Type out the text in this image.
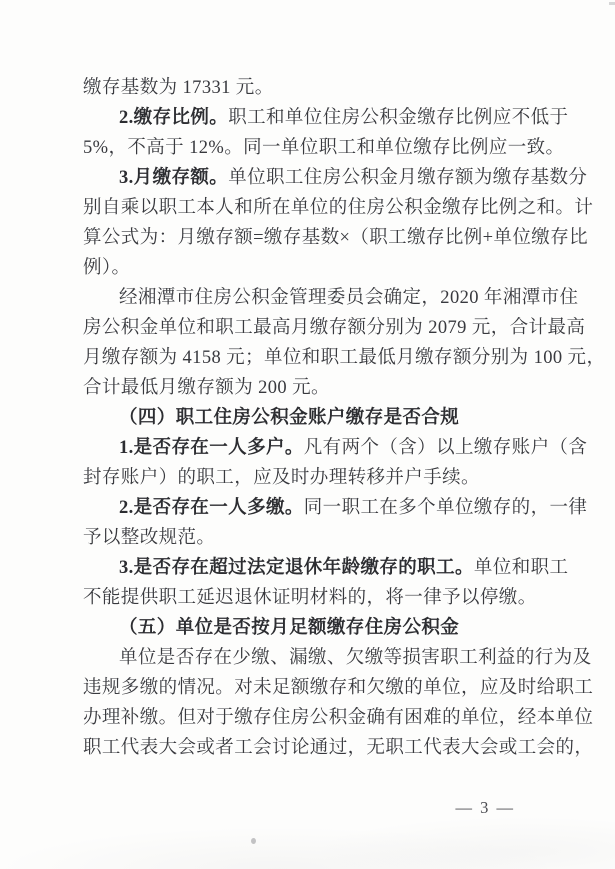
缴存基数为 17331 元。
2.缴存比例。职工和单位住房公积金缴存比例应不低于
5%，不高于 12%。同一单位职工和单位缴存比例应一致。
3.月缴存额。单位职工住房公积金月缴存额为缴存基数分
别自乘以职工本人和所在单位的住房公积金缴存比例之和。计
算公式为：月缴存额=缴存基数×（职工缴存比例+单位缴存比
例）。
经湘潭市住房公积金管理委员会确定，2020 年湘潭市住
房公积金单位和职工最高月缴存额分别为 2079 元，合计最高
月缴存额为 4158 元；单位和职工最低月缴存额分别为 100 元，
合计最低月缴存额为 200 元。
（四）职工住房公积金账户缴存是否合规
1.是否存在一人多户。凡有两个（含）以上缴存账户（含
封存账户）的职工，应及时办理转移并户手续。
2.是否存在一人多缴。同一职工在多个单位缴存的，一律
予以整改规范。
3.是否存在超过法定退休年龄缴存的职工。单位和职工
不能提供职工延迟退休证明材料的，将一律予以停缴。
（五）单位是否按月足额缴存住房公积金
单位是否存在少缴、漏缴、欠缴等损害职工利益的行为及
违规多缴的情况。对未足额缴存和欠缴的单位，应及时给职工
办理补缴。但对于缴存住房公积金确有困难的单位，经本单位
职工代表大会或者工会讨论通过，无职工代表大会或工会的，
— 3 —
